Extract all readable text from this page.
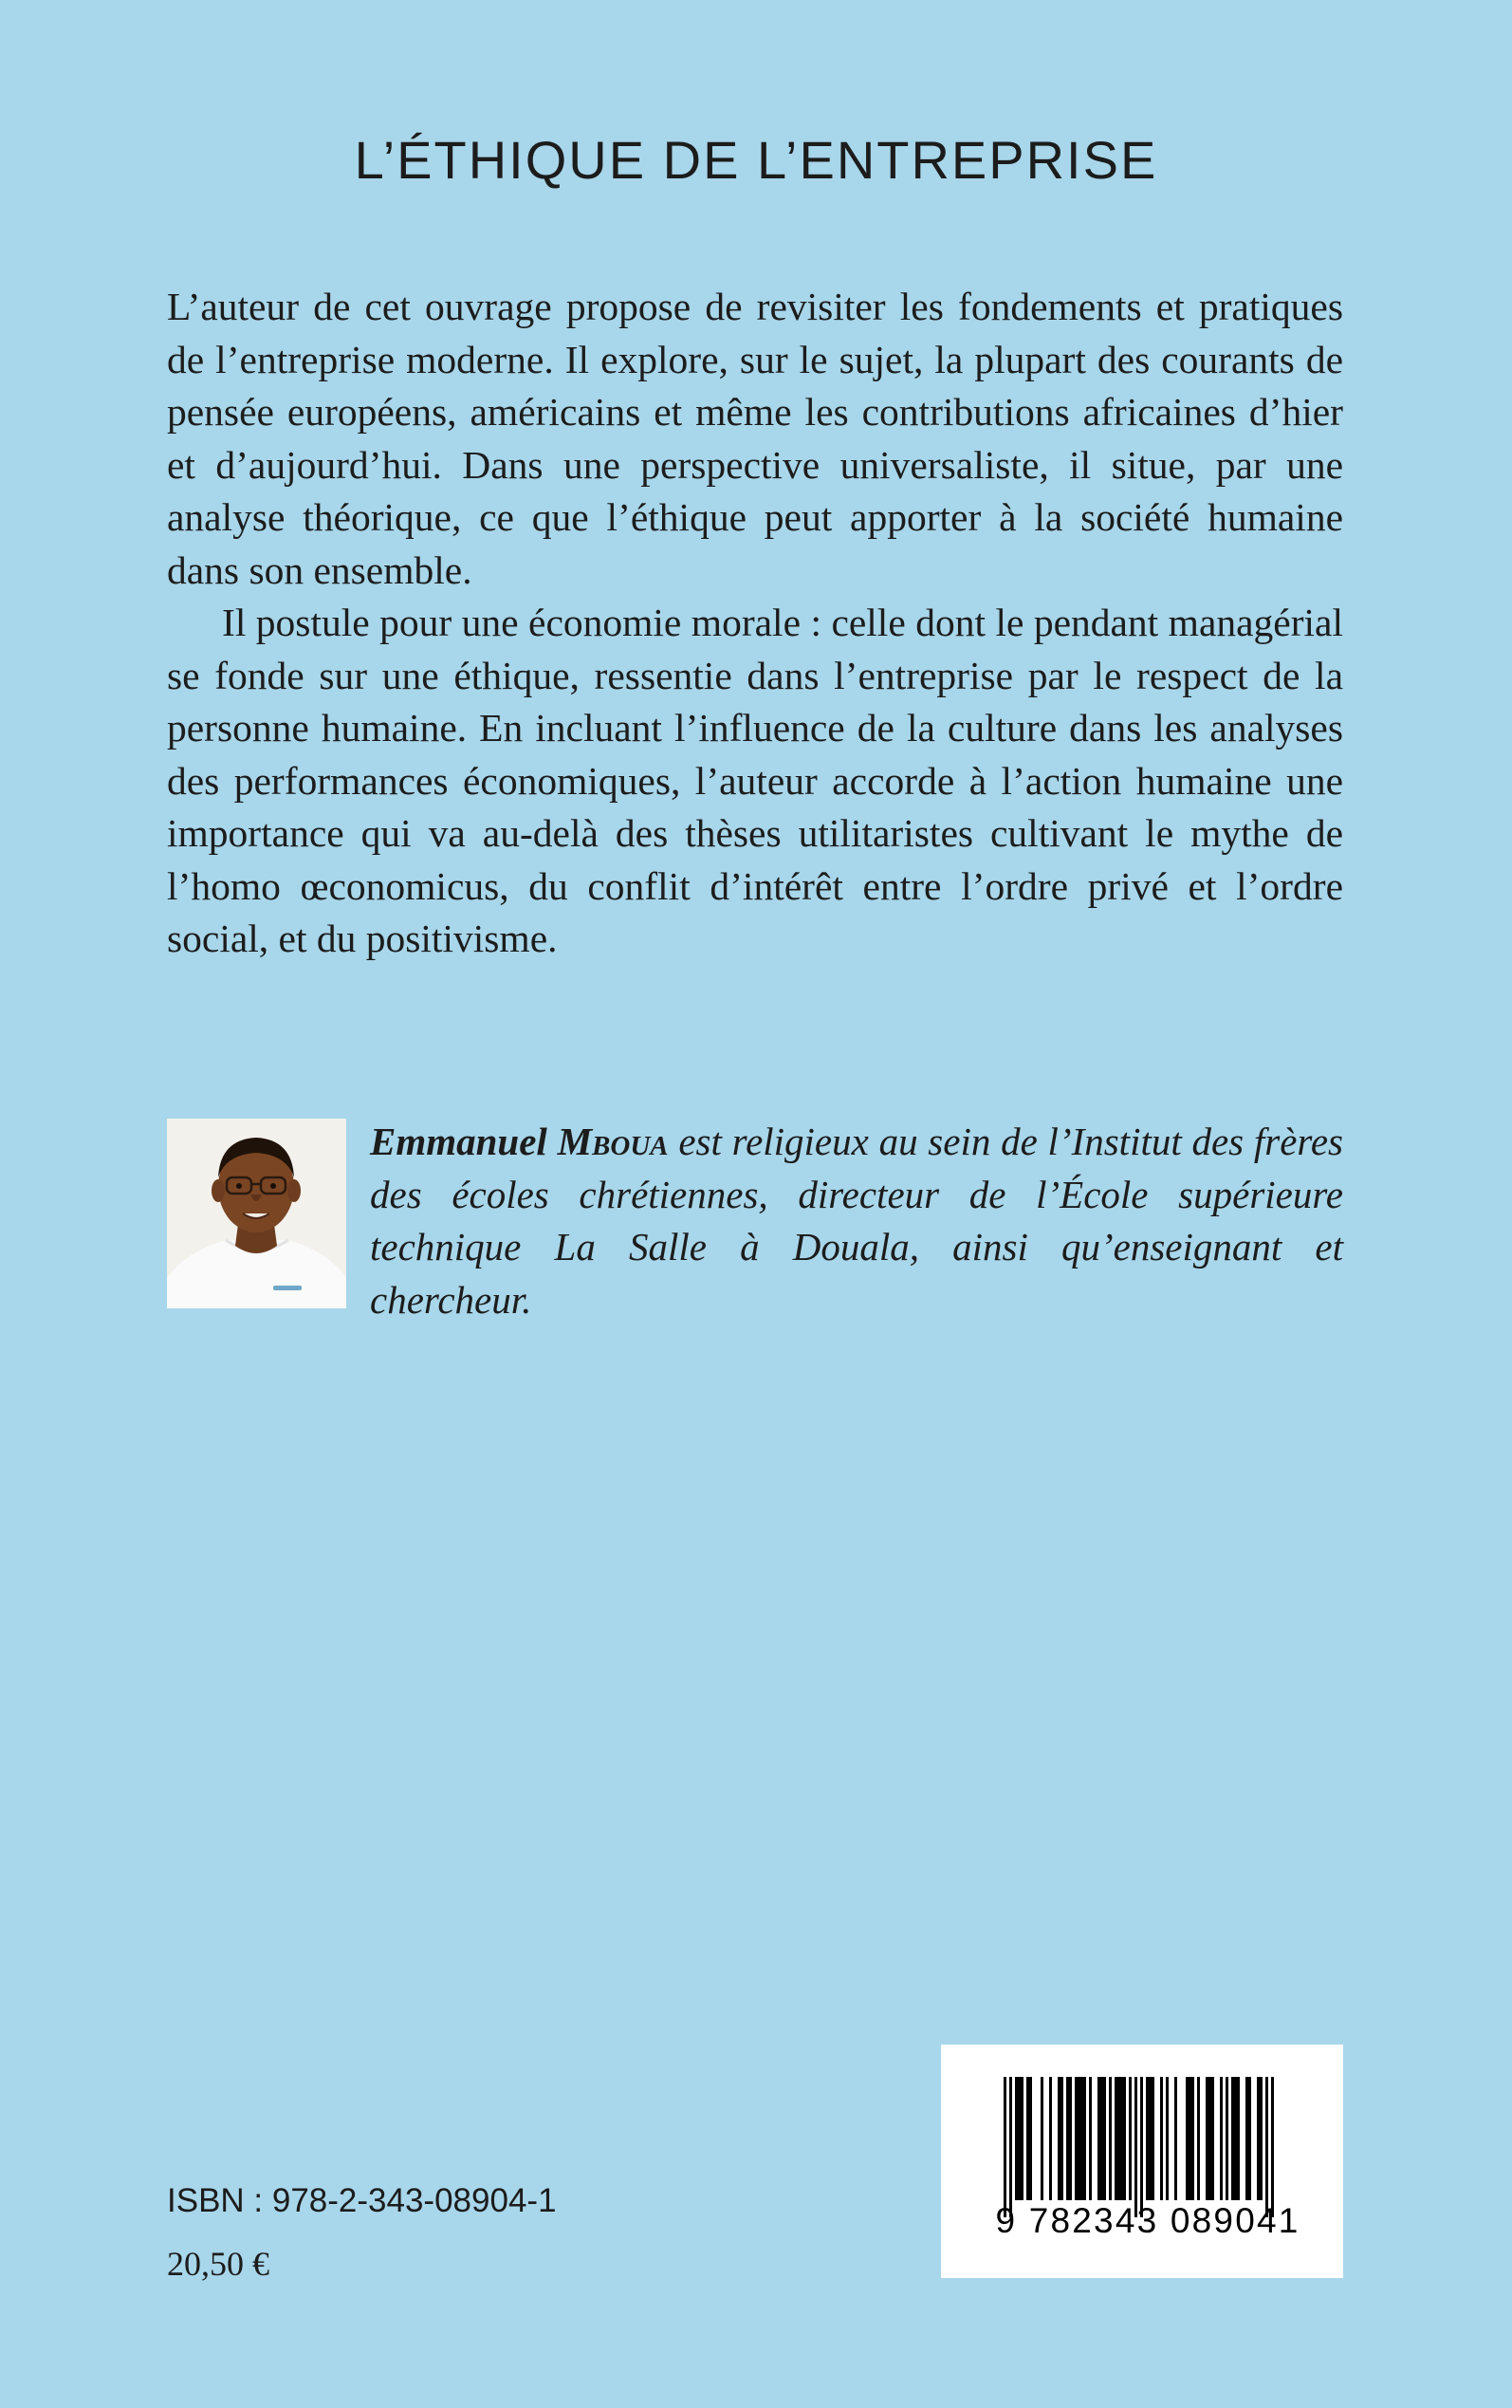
L’ÉTHIQUE DE L’ENTREPRISE

L’auteur de cet ouvrage propose de revisiter les fondements et pratiques de l’entreprise moderne. Il explore, sur le sujet, la plupart des courants de pensée européens, américains et même les contributions africaines d’hier et d’aujourd’hui. Dans une perspective universaliste, il situe, par une analyse théorique, ce que l’éthique peut apporter à la société humaine dans son ensemble.

Il postule pour une économie morale : celle dont le pendant managérial se fonde sur une éthique, ressentie dans l’entreprise par le respect de la personne humaine. En incluant l’influence de la culture dans les analyses des performances économiques, l’auteur accorde à l’action humaine une importance qui va au-delà des thèses utilitaristes cultivant le mythe de l’homo œconomicus, du conflit d’intérêt entre l’ordre privé et l’ordre social, et du positivisme.

Emmanuel Mboua est religieux au sein de l’Institut des frères des écoles chrétiennes, directeur de l’École supérieure technique La Salle à Douala, ainsi qu’enseignant et chercheur.
ISBN : 978-2-343-08904-1
20,50 €
9 782343 089041
